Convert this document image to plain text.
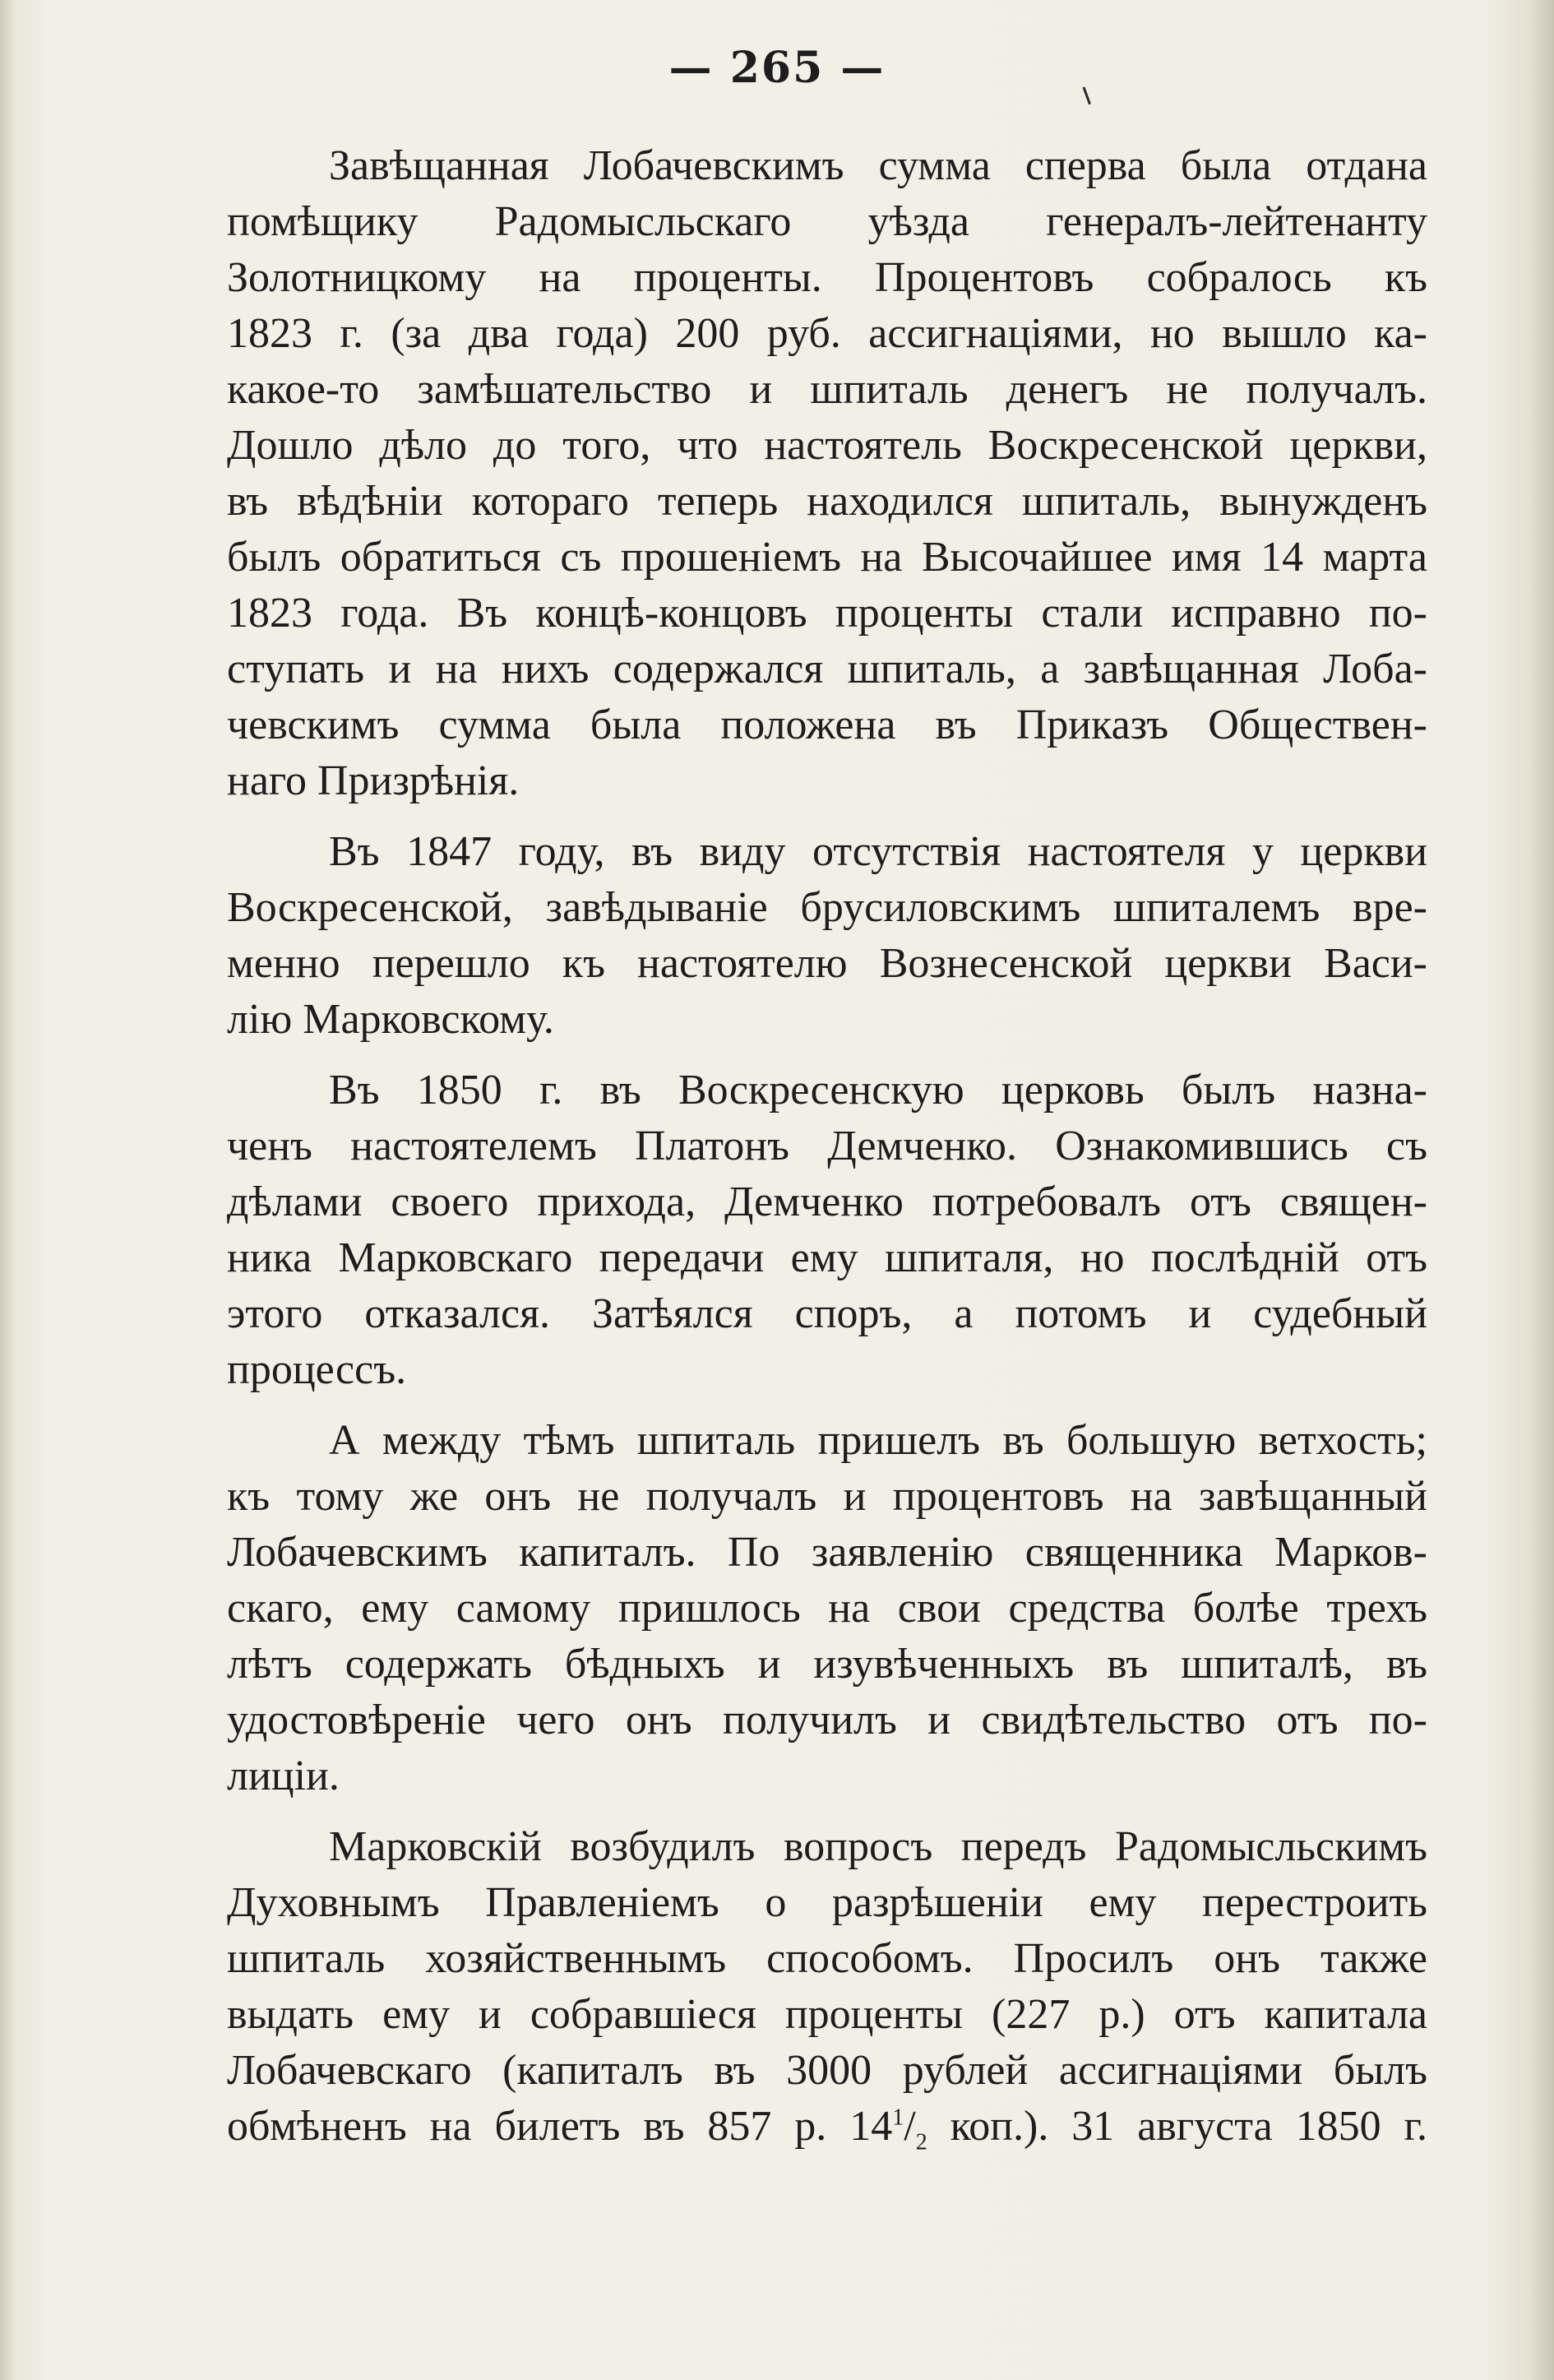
— 265 —
Завѣщанная Лобачевскимъ сумма сперва была отдана
помѣщику Радомысльскаго уѣзда генералъ-лейтенанту
Золотницкому на проценты. Процентовъ собралось къ
1823 г. (за два года) 200 руб. ассигнаціями, но вышло ка-
какое-то замѣшательство и шпиталь денегъ не получалъ.
Дошло дѣло до того, что настоятель Воскресенской церкви,
въ вѣдѣніи котораго теперь находился шпиталь, вынужденъ
былъ обратиться съ прошеніемъ на Высочайшее имя 14 марта
1823 года. Въ концѣ-концовъ проценты стали исправно по-
ступать и на нихъ содержался шпиталь, а завѣщанная Лоба-
чевскимъ сумма была положена въ Приказъ Обществен-
наго Призрѣнія.
Въ 1847 году, въ виду отсутствія настоятеля у церкви
Воскресенской, завѣдываніе брусиловскимъ шпиталемъ вре-
менно перешло къ настоятелю Вознесенской церкви Васи-
лію Марковскому.
Въ 1850 г. въ Воскресенскую церковь былъ назна-
ченъ настоятелемъ Платонъ Демченко. Ознакомившись съ
дѣлами своего прихода, Демченко потребовалъ отъ священ-
ника Марковскаго передачи ему шпиталя, но послѣдній отъ
этого отказался. Затѣялся споръ, а потомъ и судебный
процессъ.
А между тѣмъ шпиталь пришелъ въ большую ветхость;
къ тому же онъ не получалъ и процентовъ на завѣщанный
Лобачевскимъ капиталъ. По заявленію священника Марков-
скаго, ему самому пришлось на свои средства болѣе трехъ
лѣтъ содержать бѣдныхъ и изувѣченныхъ въ шпиталѣ, въ
удостовѣреніе чего онъ получилъ и свидѣтельство отъ по-
лиціи.
Марковскій возбудилъ вопросъ передъ Радомысльскимъ
Духовнымъ Правленіемъ о разрѣшеніи ему перестроить
шпиталь хозяйственнымъ способомъ. Просилъ онъ также
выдать ему и собравшіеся проценты (227 р.) отъ капитала
Лобачевскаго (капиталъ въ 3000 рублей ассигнаціями былъ
обмѣненъ на билетъ въ 857 р. $14^1/_2$ коп.). 31 августа 1850 г.
